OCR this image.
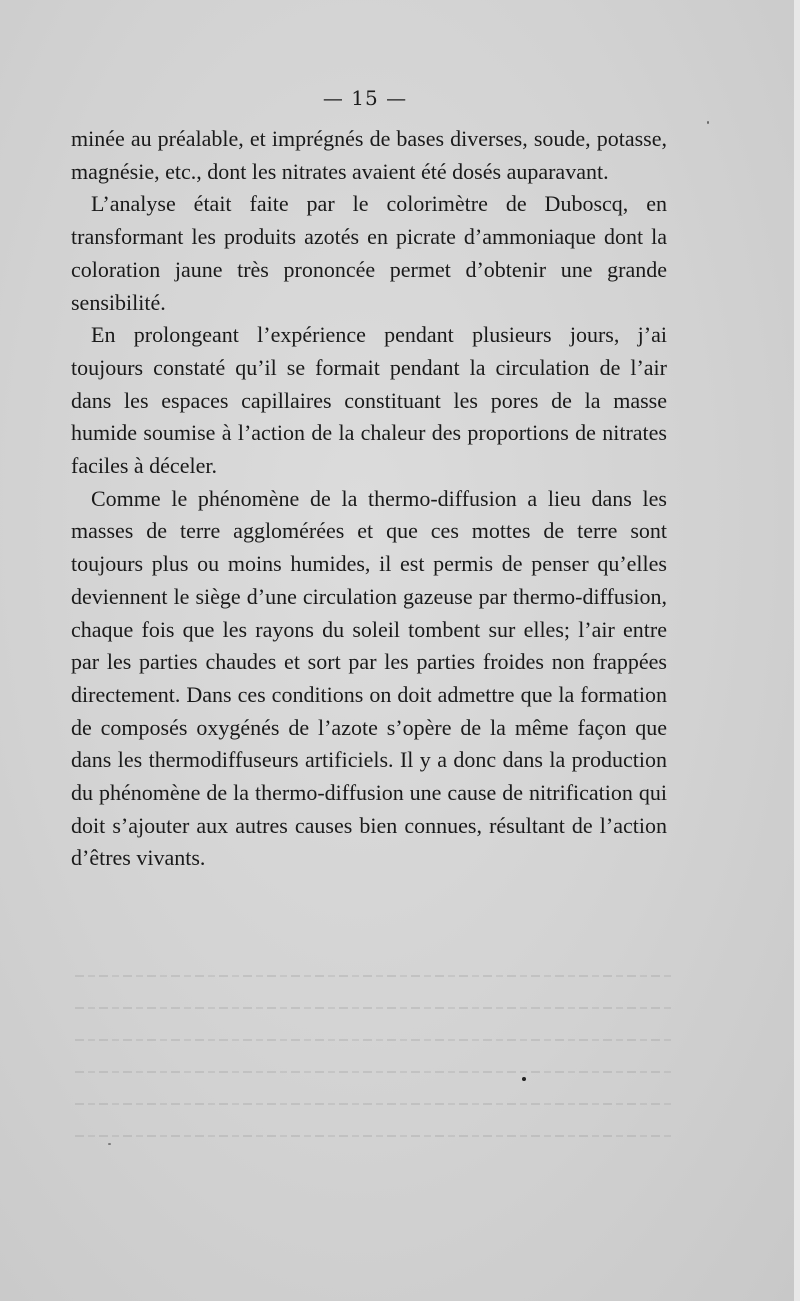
— 15 —

minée au préalable, et imprégnés de bases diverses, soude, potasse, magnésie, etc., dont les nitrates avaient été dosés auparavant.

L’analyse était faite par le colorimètre de Duboscq, en transformant les produits azotés en picrate d’ammoniaque dont la coloration jaune très prononcée permet d’obtenir une grande sensibilité.

En prolongeant l’expérience pendant plusieurs jours, j’ai toujours constaté qu’il se formait pendant la circulation de l’air dans les espaces capillaires constituant les pores de la masse humide soumise à l’action de la chaleur des proportions de nitrates faciles à déceler.

Comme le phénomène de la thermo-diffusion a lieu dans les masses de terre agglomérées et que ces mottes de terre sont toujours plus ou moins humides, il est permis de penser qu’elles deviennent le siège d’une circulation gazeuse par thermo-diffusion, chaque fois que les rayons du soleil tombent sur elles; l’air entre par les parties chaudes et sort par les parties froides non frappées directement. Dans ces conditions on doit admettre que la formation de composés oxygénés de l’azote s’opère de la même façon que dans les thermodiffuseurs artificiels. Il y a donc dans la production du phénomène de la thermo-diffusion une cause de nitrification qui doit s’ajouter aux autres causes bien connues, résultant de l’action d’êtres vivants.
